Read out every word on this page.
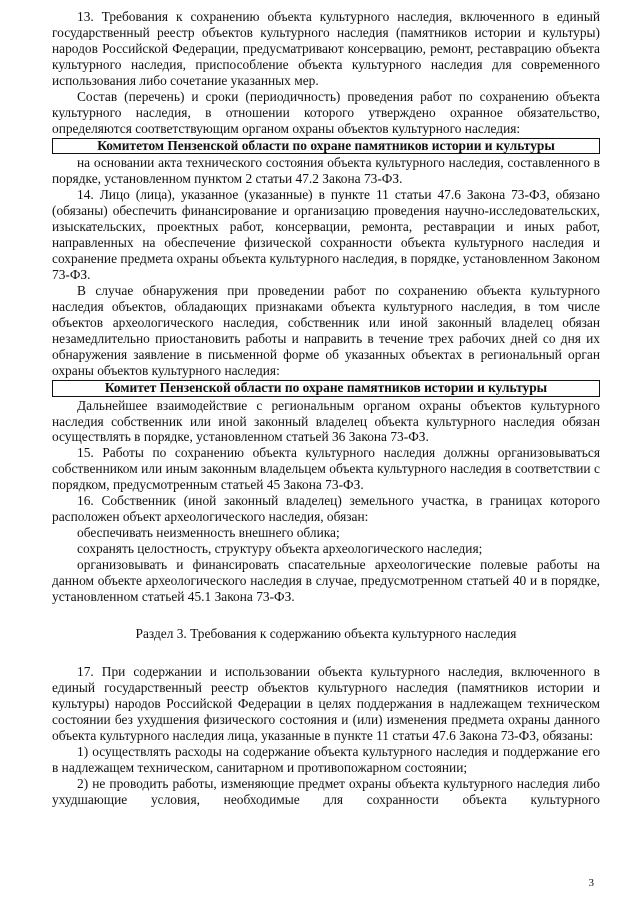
13. Требования к сохранению объекта культурного наследия, включенного в единый государственный реестр объектов культурного наследия (памятников истории и культуры) народов Российской Федерации, предусматривают консервацию, ремонт, реставрацию объекта культурного наследия, приспособление объекта культурного наследия для современного использования либо сочетание указанных мер.

Состав (перечень) и сроки (периодичность) проведения работ по сохранению объекта культурного наследия, в отношении которого утверждено охранное обязательство, определяются соответствующим органом охраны объектов культурного наследия:

Комитетом Пензенской области по охране памятников истории и культуры

на основании акта технического состояния объекта культурного наследия, составленного в порядке, установленном пунктом 2 статьи 47.2 Закона 73-ФЗ.

14. Лицо (лица), указанное (указанные) в пункте 11 статьи 47.6 Закона 73-ФЗ, обязано (обязаны) обеспечить финансирование и организацию проведения научно-исследовательских, изыскательских, проектных работ, консервации, ремонта, реставрации и иных работ, направленных на обеспечение физической сохранности объекта культурного наследия и сохранение предмета охраны объекта культурного наследия, в порядке, установленном Законом 73-ФЗ.

В случае обнаружения при проведении работ по сохранению объекта культурного наследия объектов, обладающих признаками объекта культурного наследия, в том числе объектов археологического наследия, собственник или иной законный владелец обязан незамедлительно приостановить работы и направить в течение трех рабочих дней со дня их обнаружения заявление в письменной форме об указанных объектах в региональный орган охраны объектов культурного наследия:

Комитет Пензенской области по охране памятников истории и культуры

Дальнейшее взаимодействие с региональным органом охраны объектов культурного наследия собственник или иной законный владелец объекта культурного наследия обязан осуществлять в порядке, установленном статьей 36 Закона 73-ФЗ.

15. Работы по сохранению объекта культурного наследия должны организовываться собственником или иным законным владельцем объекта культурного наследия в соответствии с порядком, предусмотренным статьей 45 Закона 73-ФЗ.

16. Собственник (иной законный владелец) земельного участка, в границах которого расположен объект археологического наследия, обязан:

обеспечивать неизменность внешнего облика;

сохранять целостность, структуру объекта археологического наследия;

организовывать и финансировать спасательные археологические полевые работы на данном объекте археологического наследия в случае, предусмотренном статьей 40 и в порядке, установленном статьей 45.1 Закона 73-ФЗ.

Раздел 3. Требования к содержанию объекта культурного наследия

17. При содержании и использовании объекта культурного наследия, включенного в единый государственный реестр объектов культурного наследия (памятников истории и культуры) народов Российской Федерации в целях поддержания в надлежащем техническом состоянии без ухудшения физического состояния и (или) изменения предмета охраны данного объекта культурного наследия лица, указанные в пункте 11 статьи 47.6 Закона 73-ФЗ, обязаны:

1) осуществлять расходы на содержание объекта культурного наследия и поддержание его в надлежащем техническом, санитарном и противопожарном состоянии;

2) не проводить работы, изменяющие предмет охраны объекта культурного наследия либо ухудшающие условия, необходимые для сохранности объекта культурного

3
